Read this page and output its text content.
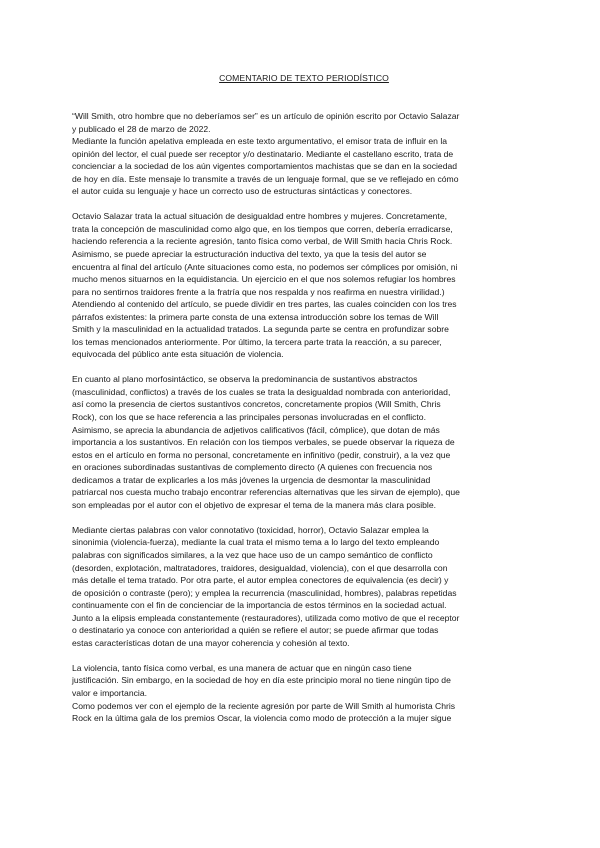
COMENTARIO DE TEXTO PERIODÍSTICO
“Will Smith, otro hombre que no deberíamos ser” es un artículo de opinión escrito por Octavio Salazar
y publicado el 28 de marzo de 2022.
Mediante la función apelativa empleada en este texto argumentativo, el emisor trata de influir en la
opinión del lector, el cual puede ser receptor y/o destinatario. Mediante el castellano escrito, trata de
concienciar a la sociedad de los aún vigentes comportamientos machistas que se dan en la sociedad
de hoy en día. Este mensaje lo transmite a través de un lenguaje formal, que se ve reflejado en cómo
el autor cuida su lenguaje y hace un correcto uso de estructuras sintácticas y conectores.
Octavio Salazar trata la actual situación de desigualdad entre hombres y mujeres. Concretamente,
trata la concepción de masculinidad como algo que, en los tiempos que corren, debería erradicarse,
haciendo referencia a la reciente agresión, tanto física como verbal, de Will Smith hacia Chris Rock.
Asimismo, se puede apreciar la estructuración inductiva del texto, ya que la tesis del autor se
encuentra al final del artículo (Ante situaciones como esta, no podemos ser cómplices por omisión, ni
mucho menos situarnos en la equidistancia. Un ejercicio en el que nos solemos refugiar los hombres
para no sentirnos traidores frente a la fratría que nos respalda y nos reafirma en nuestra virilidad.)
Atendiendo al contenido del artículo, se puede dividir en tres partes, las cuales coinciden con los tres
párrafos existentes: la primera parte consta de una extensa introducción sobre los temas de Will
Smith y la masculinidad en la actualidad tratados. La segunda parte se centra en profundizar sobre
los temas mencionados anteriormente. Por último, la tercera parte trata la reacción, a su parecer,
equivocada del público ante esta situación de violencia.
En cuanto al plano morfosintáctico, se observa la predominancia de sustantivos abstractos
(masculinidad, conflictos) a través de los cuales se trata la desigualdad nombrada con anterioridad,
así como la presencia de ciertos sustantivos concretos, concretamente propios (Will Smith, Chris
Rock), con los que se hace referencia a las principales personas involucradas en el conflicto.
Asimismo, se aprecia la abundancia de adjetivos calificativos (fácil, cómplice), que dotan de más
importancia a los sustantivos. En relación con los tiempos verbales, se puede observar la riqueza de
estos en el artículo en forma no personal, concretamente en infinitivo (pedir, construir), a la vez que
en oraciones subordinadas sustantivas de complemento directo (A quienes con frecuencia nos
dedicamos a tratar de explicarles a los más jóvenes la urgencia de desmontar la masculinidad
patriarcal nos cuesta mucho trabajo encontrar referencias alternativas que les sirvan de ejemplo), que
son empleadas por el autor con el objetivo de expresar el tema de la manera más clara posible.
Mediante ciertas palabras con valor connotativo (toxicidad, horror), Octavio Salazar emplea la
sinonimia (violencia-fuerza), mediante la cual trata el mismo tema a lo largo del texto empleando
palabras con significados similares, a la vez que hace uso de un campo semántico de conflicto
(desorden, explotación, maltratadores, traidores, desigualdad, violencia), con el que desarrolla con
más detalle el tema tratado. Por otra parte, el autor emplea conectores de equivalencia (es decir) y
de oposición o contraste (pero); y emplea la recurrencia (masculinidad, hombres), palabras repetidas
continuamente con el fin de concienciar de la importancia de estos términos en la sociedad actual.
Junto a la elipsis empleada constantemente (restauradores), utilizada como motivo de que el receptor
o destinatario ya conoce con anterioridad a quién se refiere el autor; se puede afirmar que todas
estas características dotan de una mayor coherencia y cohesión al texto.
La violencia, tanto física como verbal, es una manera de actuar que en ningún caso tiene
justificación. Sin embargo, en la sociedad de hoy en día este principio moral no tiene ningún tipo de
valor e importancia.
Como podemos ver con el ejemplo de la reciente agresión por parte de Will Smith al humorista Chris
Rock en la última gala de los premios Oscar, la violencia como modo de protección a la mujer sigue
